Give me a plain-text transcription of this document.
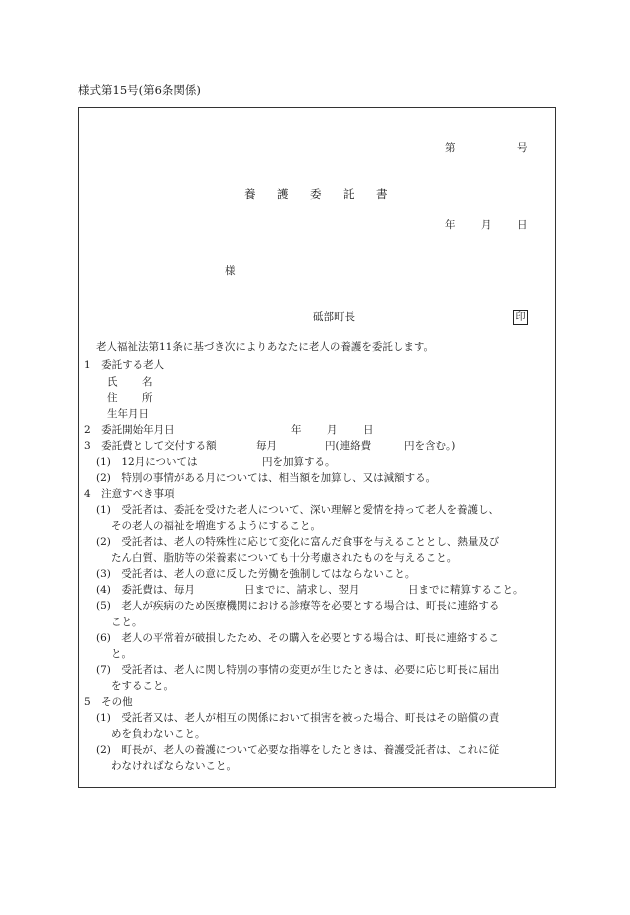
様式第15号(第6条関係)
第	号
養 護 委 託 書
年 月 日
様
砥部町長	印
老人福祉法第11条に基づき次によりあなたに老人の養護を委託します。
1　委託する老人
氏 名
住 所
生年月日
2　委託開始年月日	年 月 日
3　委託費として交付する額	毎月	円(連絡費	円を含む。)
(1)　12月については	円を加算する。
(2)　特別の事情がある月については、相当額を加算し、又は減額する。
4　注意すべき事項
(1)　受託者は、委託を受けた老人について、深い理解と愛情を持って老人を養護し、
その老人の福祉を増進するようにすること。
(2)　受託者は、老人の特殊性に応じて変化に富んだ食事を与えることとし、熱量及び
たん白質、脂肪等の栄養素についても十分考慮されたものを与えること。
(3)　受託者は、老人の意に反した労働を強制してはならないこと。
(4)　委託費は、毎月	日までに、請求し、翌月	日までに精算すること。
(5)　老人が疾病のため医療機関における診療等を必要とする場合は、町長に連絡する
こと。
(6)　老人の平常着が破損したため、その購入を必要とする場合は、町長に連絡するこ
と。
(7)　受託者は、老人に関し特別の事情の変更が生じたときは、必要に応じ町長に届出
をすること。
5　その他
(1)　受託者又は、老人が相互の関係において損害を被った場合、町長はその賠償の責
めを負わないこと。
(2)　町長が、老人の養護について必要な指導をしたときは、養護受託者は、これに従
わなければならないこと。
